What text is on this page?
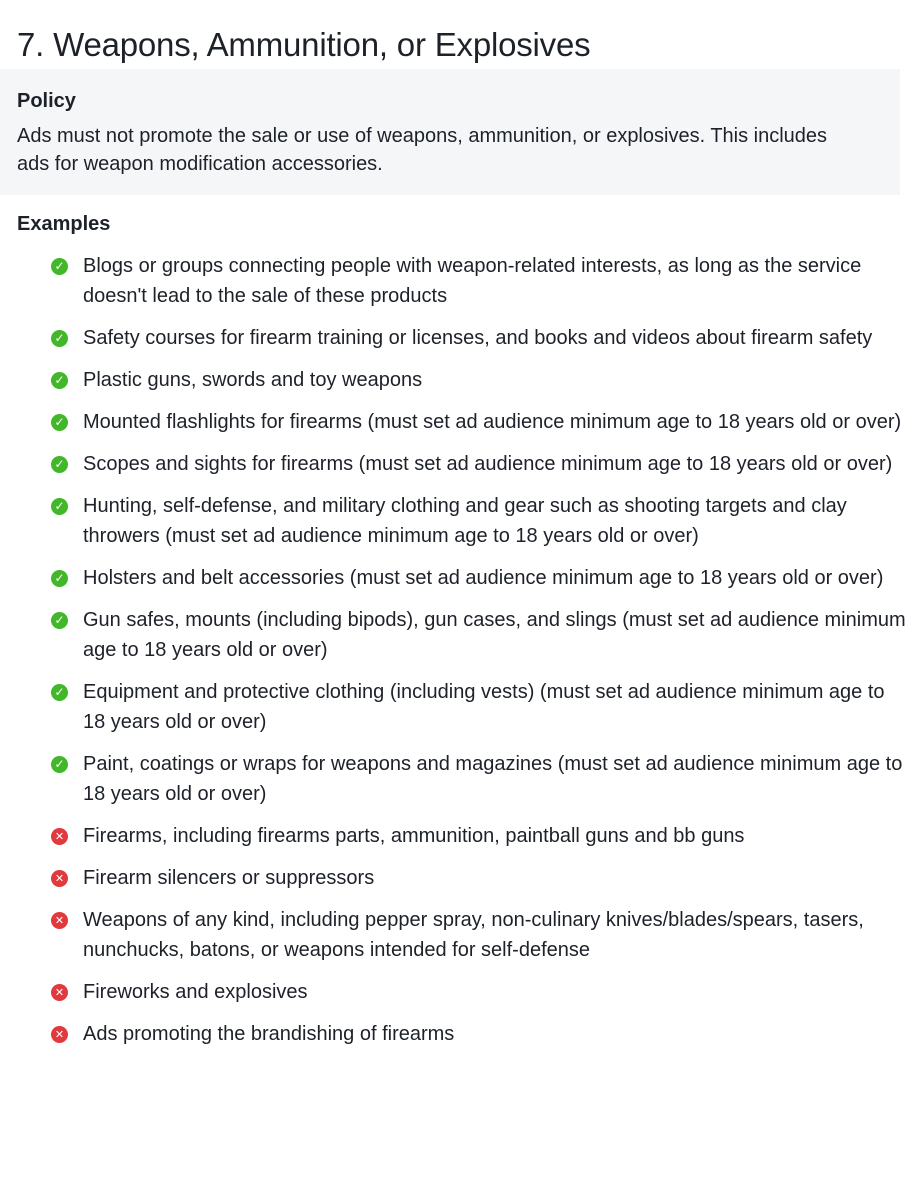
7. Weapons, Ammunition, or Explosives
Policy

Ads must not promote the sale or use of weapons, ammunition, or explosives. This includes ads for weapon modification accessories.

Examples
✓ Blogs or groups connecting people with weapon-related interests, as long as the service doesn't lead to the sale of these products
✓ Safety courses for firearm training or licenses, and books and videos about firearm safety
✓ Plastic guns, swords and toy weapons
✓ Mounted flashlights for firearms (must set ad audience minimum age to 18 years old or over)
✓ Scopes and sights for firearms (must set ad audience minimum age to 18 years old or over)
✓ Hunting, self-defense, and military clothing and gear such as shooting targets and clay throwers (must set ad audience minimum age to 18 years old or over)
✓ Holsters and belt accessories (must set ad audience minimum age to 18 years old or over)
✓ Gun safes, mounts (including bipods), gun cases, and slings (must set ad audience minimum age to 18 years old or over)
✓ Equipment and protective clothing (including vests) (must set ad audience minimum age to 18 years old or over)
✓ Paint, coatings or wraps for weapons and magazines (must set ad audience minimum age to 18 years old or over)
✕ Firearms, including firearms parts, ammunition, paintball guns and bb guns
✕ Firearm silencers or suppressors
✕ Weapons of any kind, including pepper spray, non-culinary knives/blades/spears, tasers, nunchucks, batons, or weapons intended for self-defense
✕ Fireworks and explosives
✕ Ads promoting the brandishing of firearms
